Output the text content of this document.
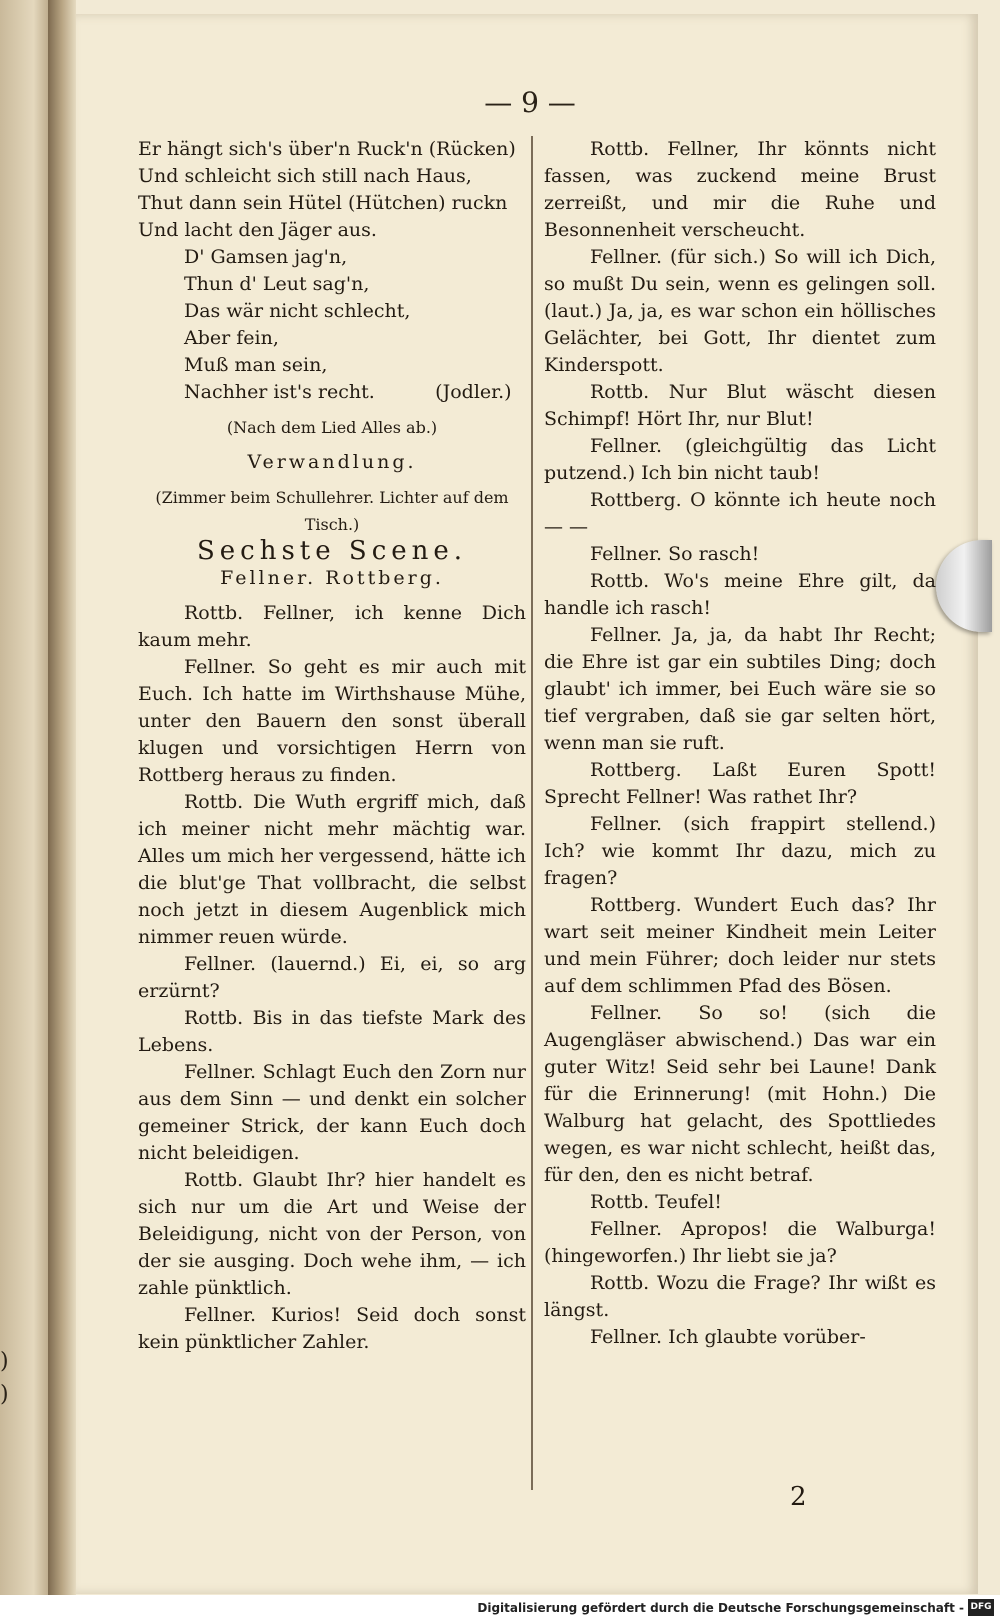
)
)
— 9 —
Er hängt sich's über'n Ruck'n (Rücken)
Und schleicht sich still nach Haus,
Thut dann sein Hütel (Hütchen) ruckn
Und lacht den Jäger aus.
D' Gamsen jag'n,
Thun d' Leut sag'n,
Das wär nicht schlecht,
Aber fein,
Muß man sein,
Nachher ist's recht.          (Jodler.)
(Nach dem Lied Alles ab.)
Verwandlung.
(Zimmer beim Schullehrer. Lichter auf dem Tisch.)
Sechste Scene.
Fellner. Rottberg.
Rottb. Fellner, ich kenne Dich kaum mehr.
Fellner. So geht es mir auch mit Euch. Ich hatte im Wirthshause Mühe, unter den Bauern den sonst überall klugen und vorsichtigen Herrn von Rottberg heraus zu finden.
Rottb. Die Wuth ergriff mich, daß ich meiner nicht mehr mächtig war. Alles um mich her vergessend, hätte ich die blut'ge That vollbracht, die selbst noch jetzt in diesem Augenblick mich nimmer reuen würde.
Fellner. (lauernd.) Ei, ei, so arg erzürnt?
Rottb. Bis in das tiefste Mark des Lebens.
Fellner. Schlagt Euch den Zorn nur aus dem Sinn — und denkt ein solcher gemeiner Strick, der kann Euch doch nicht beleidigen.
Rottb. Glaubt Ihr? hier handelt es sich nur um die Art und Weise der Beleidigung, nicht von der Person, von der sie ausging. Doch wehe ihm, — ich zahle pünktlich.
Fellner. Kurios! Seid doch sonst kein pünktlicher Zahler.
Rottb. Fellner, Ihr könnts nicht fassen, was zuckend meine Brust zerreißt, und mir die Ruhe und Besonnenheit verscheucht.
Fellner. (für sich.) So will ich Dich, so mußt Du sein, wenn es gelingen soll. (laut.) Ja, ja, es war schon ein höllisches Gelächter, bei Gott, Ihr dientet zum Kinderspott.
Rottb. Nur Blut wäscht diesen Schimpf! Hört Ihr, nur Blut!
Fellner. (gleichgültig das Licht putzend.) Ich bin nicht taub!
Rottberg. O könnte ich heute noch — —
Fellner. So rasch!
Rottb. Wo's meine Ehre gilt, da handle ich rasch!
Fellner. Ja, ja, da habt Ihr Recht; die Ehre ist gar ein subtiles Ding; doch glaubt' ich immer, bei Euch wäre sie so tief vergraben, daß sie gar selten hört, wenn man sie ruft.
Rottberg. Laßt Euren Spott! Sprecht Fellner! Was rathet Ihr?
Fellner. (sich frappirt stellend.) Ich? wie kommt Ihr dazu, mich zu fragen?
Rottberg. Wundert Euch das? Ihr wart seit meiner Kindheit mein Leiter und mein Führer; doch leider nur stets auf dem schlimmen Pfad des Bösen.
Fellner. So so! (sich die Augengläser abwischend.) Das war ein guter Witz! Seid sehr bei Laune! Dank für die Erinnerung! (mit Hohn.) Die Walburg hat gelacht, des Spottliedes wegen, es war nicht schlecht, heißt das, für den, den es nicht betraf.
Rottb. Teufel!
Fellner. Apropos! die Walburga! (hingeworfen.) Ihr liebt sie ja?
Rottb. Wozu die Frage? Ihr wißt es längst.
Fellner. Ich glaubte vorüber-
2
Digitalisierung gefördert durch die Deutsche Forschungsgemeinschaft - DFG
